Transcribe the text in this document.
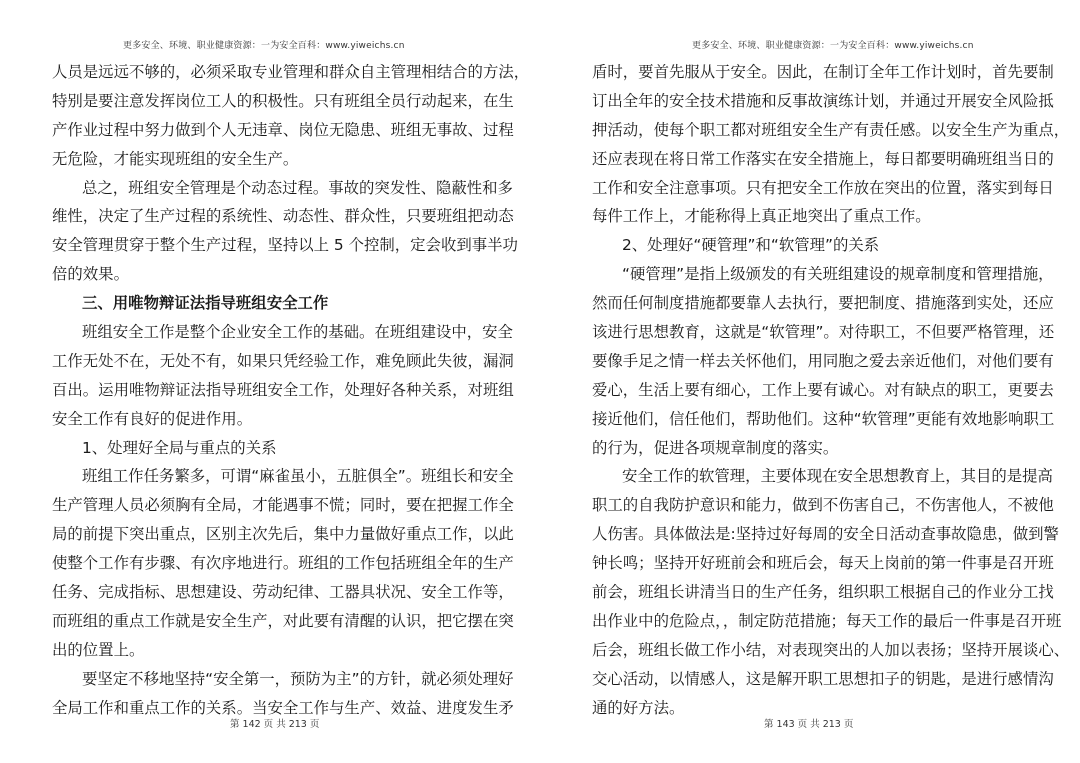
更多安全、环境、职业健康资源：一为安全百科：www.yiweichs.cn
人员是远远不够的，必须采取专业管理和群众自主管理相结合的方法，
特别是要注意发挥岗位工人的积极性。只有班组全员行动起来，在生
产作业过程中努力做到个人无违章、岗位无隐患、班组无事故、过程
无危险，才能实现班组的安全生产。
总之，班组安全管理是个动态过程。事故的突发性、隐蔽性和多
维性，决定了生产过程的系统性、动态性、群众性，只要班组把动态
安全管理贯穿于整个生产过程，坚持以上 5 个控制，定会收到事半功
倍的效果。
三、用唯物辩证法指导班组安全工作
班组安全工作是整个企业安全工作的基础。在班组建设中，安全
工作无处不在，无处不有，如果只凭经验工作，难免顾此失彼，漏洞
百出。运用唯物辩证法指导班组安全工作，处理好各种关系，对班组
安全工作有良好的促进作用。
1、处理好全局与重点的关系
班组工作任务繁多，可谓“麻雀虽小，五脏俱全”。班组长和安全
生产管理人员必须胸有全局，才能遇事不慌；同时，要在把握工作全
局的前提下突出重点，区别主次先后，集中力量做好重点工作，以此
使整个工作有步骤、有次序地进行。班组的工作包括班组全年的生产
任务、完成指标、思想建设、劳动纪律、工器具状况、安全工作等，
而班组的重点工作就是安全生产，对此要有清醒的认识，把它摆在突
出的位置上。
要坚定不移地坚持“安全第一，预防为主”的方针，就必须处理好
全局工作和重点工作的关系。当安全工作与生产、效益、进度发生矛
第 142 页 共 213 页
更多安全、环境、职业健康资源：一为安全百科：www.yiweichs.cn
盾时，要首先服从于安全。因此，在制订全年工作计划时，首先要制
订出全年的安全技术措施和反事故演练计划，并通过开展安全风险抵
押活动，使每个职工都对班组安全生产有责任感。以安全生产为重点，
还应表现在将日常工作落实在安全措施上，每日都要明确班组当日的
工作和安全注意事项。只有把安全工作放在突出的位置，落实到每日
每件工作上，才能称得上真正地突出了重点工作。
2、处理好“硬管理”和“软管理”的关系
“硬管理”是指上级颁发的有关班组建设的规章制度和管理措施，
然而任何制度措施都要靠人去执行，要把制度、措施落到实处，还应
该进行思想教育，这就是“软管理”。对待职工，不但要严格管理，还
要像手足之情一样去关怀他们，用同胞之爱去亲近他们，对他们要有
爱心，生活上要有细心，工作上要有诚心。对有缺点的职工，更要去
接近他们，信任他们，帮助他们。这种“软管理”更能有效地影响职工
的行为，促进各项规章制度的落实。
安全工作的软管理，主要体现在安全思想教育上，其目的是提高
职工的自我防护意识和能力，做到不伤害自己，不伤害他人，不被他
人伤害。具体做法是:坚持过好每周的安全日活动查事故隐患，做到警
钟长鸣；坚持开好班前会和班后会，每天上岗前的第一件事是召开班
前会，班组长讲清当日的生产任务，组织职工根据自己的作业分工找
出作业中的危险点，，制定防范措施；每天工作的最后一件事是召开班
后会，班组长做工作小结，对表现突出的人加以表扬；坚持开展谈心、
交心活动，以情感人，这是解开职工思想扣子的钥匙，是进行感情沟
通的好方法。
第 143 页 共 213 页
